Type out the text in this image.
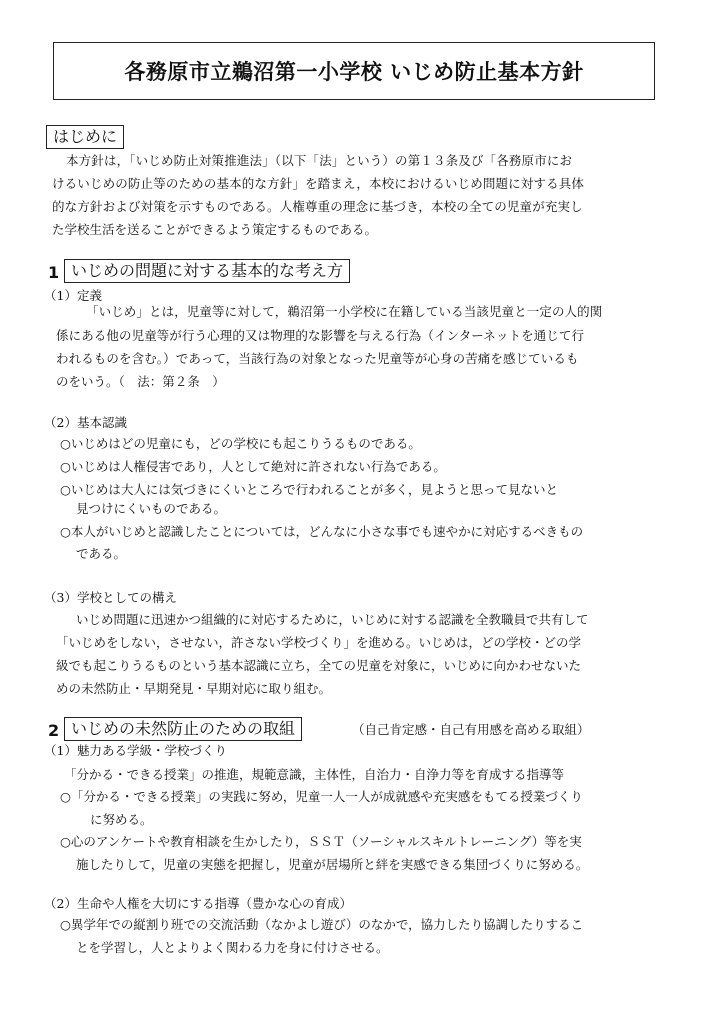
各務原市立鵜沼第一小学校 いじめ防止基本方針
はじめに
本方針は，「いじめ防止対策推進法」（以下「法」という）の第１３条及び「各務原市にお
けるいじめの防止等のための基本的な方針」を踏まえ，本校におけるいじめ問題に対する具体
的な方針および対策を示すものである。人権尊重の理念に基づき，本校の全ての児童が充実し
た学校生活を送ることができるよう策定するものである。
1 いじめの問題に対する基本的な考え方
（1）定義
「いじめ」とは，児童等に対して，鵜沼第一小学校に在籍している当該児童と一定の人的関
係にある他の児童等が行う心理的又は物理的な影響を与える行為（インターネットを通じて行
われるものを含む。）であって，当該行為の対象となった児童等が心身の苦痛を感じているも
のをいう。（　法：第２条　）
（2）基本認識
○いじめはどの児童にも，どの学校にも起こりうるものである。
○いじめは人権侵害であり，人として絶対に許されない行為である。
○いじめは大人には気づきにくいところで行われることが多く，見ようと思って見ないと
見つけにくいものである。
○本人がいじめと認識したことについては，どんなに小さな事でも速やかに対応するべきもの
である。
（3）学校としての構え
いじめ問題に迅速かつ組織的に対応するために，いじめに対する認識を全教職員で共有して
「いじめをしない，させない，許さない学校づくり」を進める。いじめは，どの学校・どの学
級でも起こりうるものという基本認識に立ち，全ての児童を対象に，いじめに向かわせないた
めの未然防止・早期発見・早期対応に取り組む。
2 いじめの未然防止のための取組	（自己肯定感・自己有用感を高める取組）
（1）魅力ある学級・学校づくり
「分かる・できる授業」の推進，規範意識，主体性，自治力・自浄力等を育成する指導等
○「分かる・できる授業」の実践に努め，児童一人一人が成就感や充実感をもてる授業づくり
に努める。
○心のアンケートや教育相談を生かしたり，ＳＳＴ（ソーシャルスキルトレーニング）等を実
施したりして，児童の実態を把握し，児童が居場所と絆を実感できる集団づくりに努める。
（2）生命や人権を大切にする指導（豊かな心の育成）
○異学年での縦割り班での交流活動（なかよし遊び）のなかで，協力したり協調したりするこ
とを学習し，人とよりよく関わる力を身に付けさせる。
